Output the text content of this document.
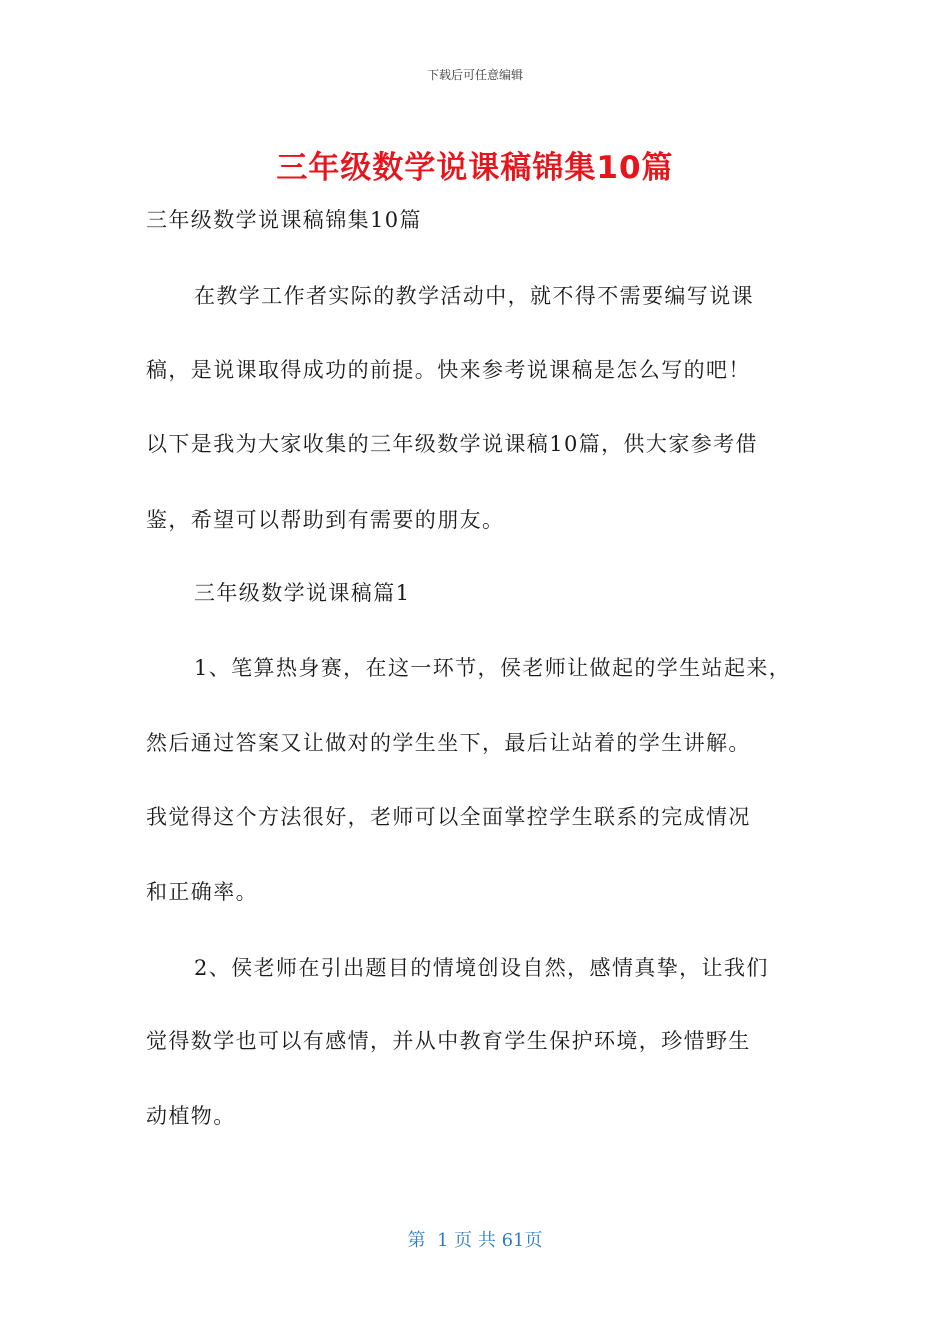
下载后可任意编辑
三年级数学说课稿锦集10篇
三年级数学说课稿锦集10篇
在教学工作者实际的教学活动中，就不得不需要编写说课
稿，是说课取得成功的前提。快来参考说课稿是怎么写的吧！
以下是我为大家收集的三年级数学说课稿10篇，供大家参考借
鉴，希望可以帮助到有需要的朋友。
三年级数学说课稿篇1
1、笔算热身赛，在这一环节，侯老师让做起的学生站起来，
然后通过答案又让做对的学生坐下，最后让站着的学生讲解。
我觉得这个方法很好，老师可以全面掌控学生联系的完成情况
和正确率。
2、侯老师在引出题目的情境创设自然，感情真挚，让我们
觉得数学也可以有感情，并从中教育学生保护环境，珍惜野生
动植物。
第  1 页 共 61页
